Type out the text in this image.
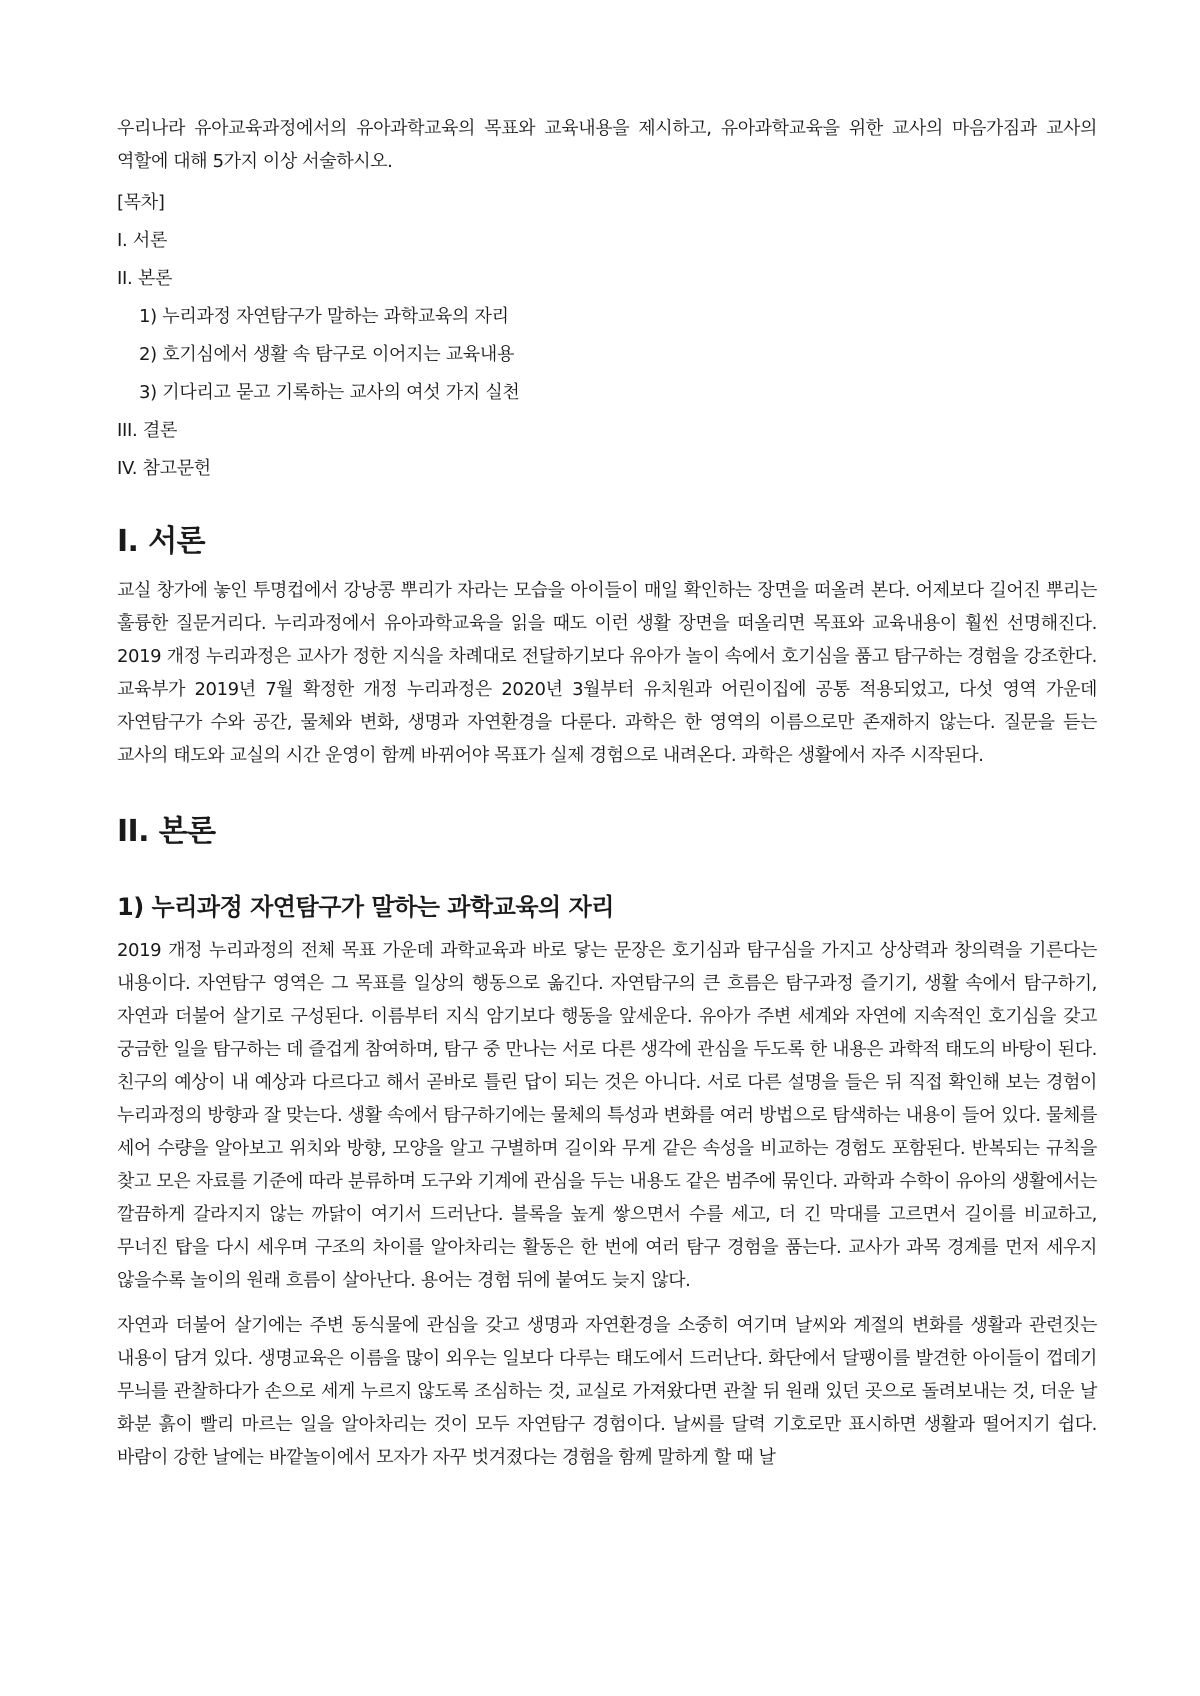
우리나라 유아교육과정에서의 유아과학교육의 목표와 교육내용을 제시하고, 유아과학교육을 위한 교사의 마음가짐과 교사의 역할에 대해 5가지 이상 서술하시오.

[목차]
I. 서론
II. 본론
1) 누리과정 자연탐구가 말하는 과학교육의 자리
2) 호기심에서 생활 속 탐구로 이어지는 교육내용
3) 기다리고 묻고 기록하는 교사의 여섯 가지 실천
III. 결론
IV. 참고문헌
I. 서론

교실 창가에 놓인 투명컵에서 강낭콩 뿌리가 자라는 모습을 아이들이 매일 확인하는 장면을 떠올려 본다. 어제보다 길어진 뿌리는 훌륭한 질문거리다. 누리과정에서 유아과학교육을 읽을 때도 이런 생활 장면을 떠올리면 목표와 교육내용이 훨씬 선명해진다. 2019 개정 누리과정은 교사가 정한 지식을 차례대로 전달하기보다 유아가 놀이 속에서 호기심을 품고 탐구하는 경험을 강조한다. 교육부가 2019년 7월 확정한 개정 누리과정은 2020년 3월부터 유치원과 어린이집에 공통 적용되었고, 다섯 영역 가운데 자연탐구가 수와 공간, 물체와 변화, 생명과 자연환경을 다룬다. 과학은 한 영역의 이름으로만 존재하지 않는다. 질문을 듣는 교사의 태도와 교실의 시간 운영이 함께 바뀌어야 목표가 실제 경험으로 내려온다. 과학은 생활에서 자주 시작된다.

II. 본론
1) 누리과정 자연탐구가 말하는 과학교육의 자리

2019 개정 누리과정의 전체 목표 가운데 과학교육과 바로 닿는 문장은 호기심과 탐구심을 가지고 상상력과 창의력을 기른다는 내용이다. 자연탐구 영역은 그 목표를 일상의 행동으로 옮긴다. 자연탐구의 큰 흐름은 탐구과정 즐기기, 생활 속에서 탐구하기, 자연과 더불어 살기로 구성된다. 이름부터 지식 암기보다 행동을 앞세운다. 유아가 주변 세계와 자연에 지속적인 호기심을 갖고 궁금한 일을 탐구하는 데 즐겁게 참여하며, 탐구 중 만나는 서로 다른 생각에 관심을 두도록 한 내용은 과학적 태도의 바탕이 된다. 친구의 예상이 내 예상과 다르다고 해서 곧바로 틀린 답이 되는 것은 아니다. 서로 다른 설명을 들은 뒤 직접 확인해 보는 경험이 누리과정의 방향과 잘 맞는다. 생활 속에서 탐구하기에는 물체의 특성과 변화를 여러 방법으로 탐색하는 내용이 들어 있다. 물체를 세어 수량을 알아보고 위치와 방향, 모양을 알고 구별하며 길이와 무게 같은 속성을 비교하는 경험도 포함된다. 반복되는 규칙을 찾고 모은 자료를 기준에 따라 분류하며 도구와 기계에 관심을 두는 내용도 같은 범주에 묶인다. 과학과 수학이 유아의 생활에서는 깔끔하게 갈라지지 않는 까닭이 여기서 드러난다. 블록을 높게 쌓으면서 수를 세고, 더 긴 막대를 고르면서 길이를 비교하고, 무너진 탑을 다시 세우며 구조의 차이를 알아차리는 활동은 한 번에 여러 탐구 경험을 품는다. 교사가 과목 경계를 먼저 세우지 않을수록 놀이의 원래 흐름이 살아난다. 용어는 경험 뒤에 붙여도 늦지 않다.

자연과 더불어 살기에는 주변 동식물에 관심을 갖고 생명과 자연환경을 소중히 여기며 날씨와 계절의 변화를 생활과 관련짓는 내용이 담겨 있다. 생명교육은 이름을 많이 외우는 일보다 다루는 태도에서 드러난다. 화단에서 달팽이를 발견한 아이들이 껍데기 무늬를 관찰하다가 손으로 세게 누르지 않도록 조심하는 것, 교실로 가져왔다면 관찰 뒤 원래 있던 곳으로 돌려보내는 것, 더운 날 화분 흙이 빨리 마르는 일을 알아차리는 것이 모두 자연탐구 경험이다. 날씨를 달력 기호로만 표시하면 생활과 떨어지기 쉽다. 바람이 강한 날에는 바깥놀이에서 모자가 자꾸 벗겨졌다는 경험을 함께 말하게 할 때 날
